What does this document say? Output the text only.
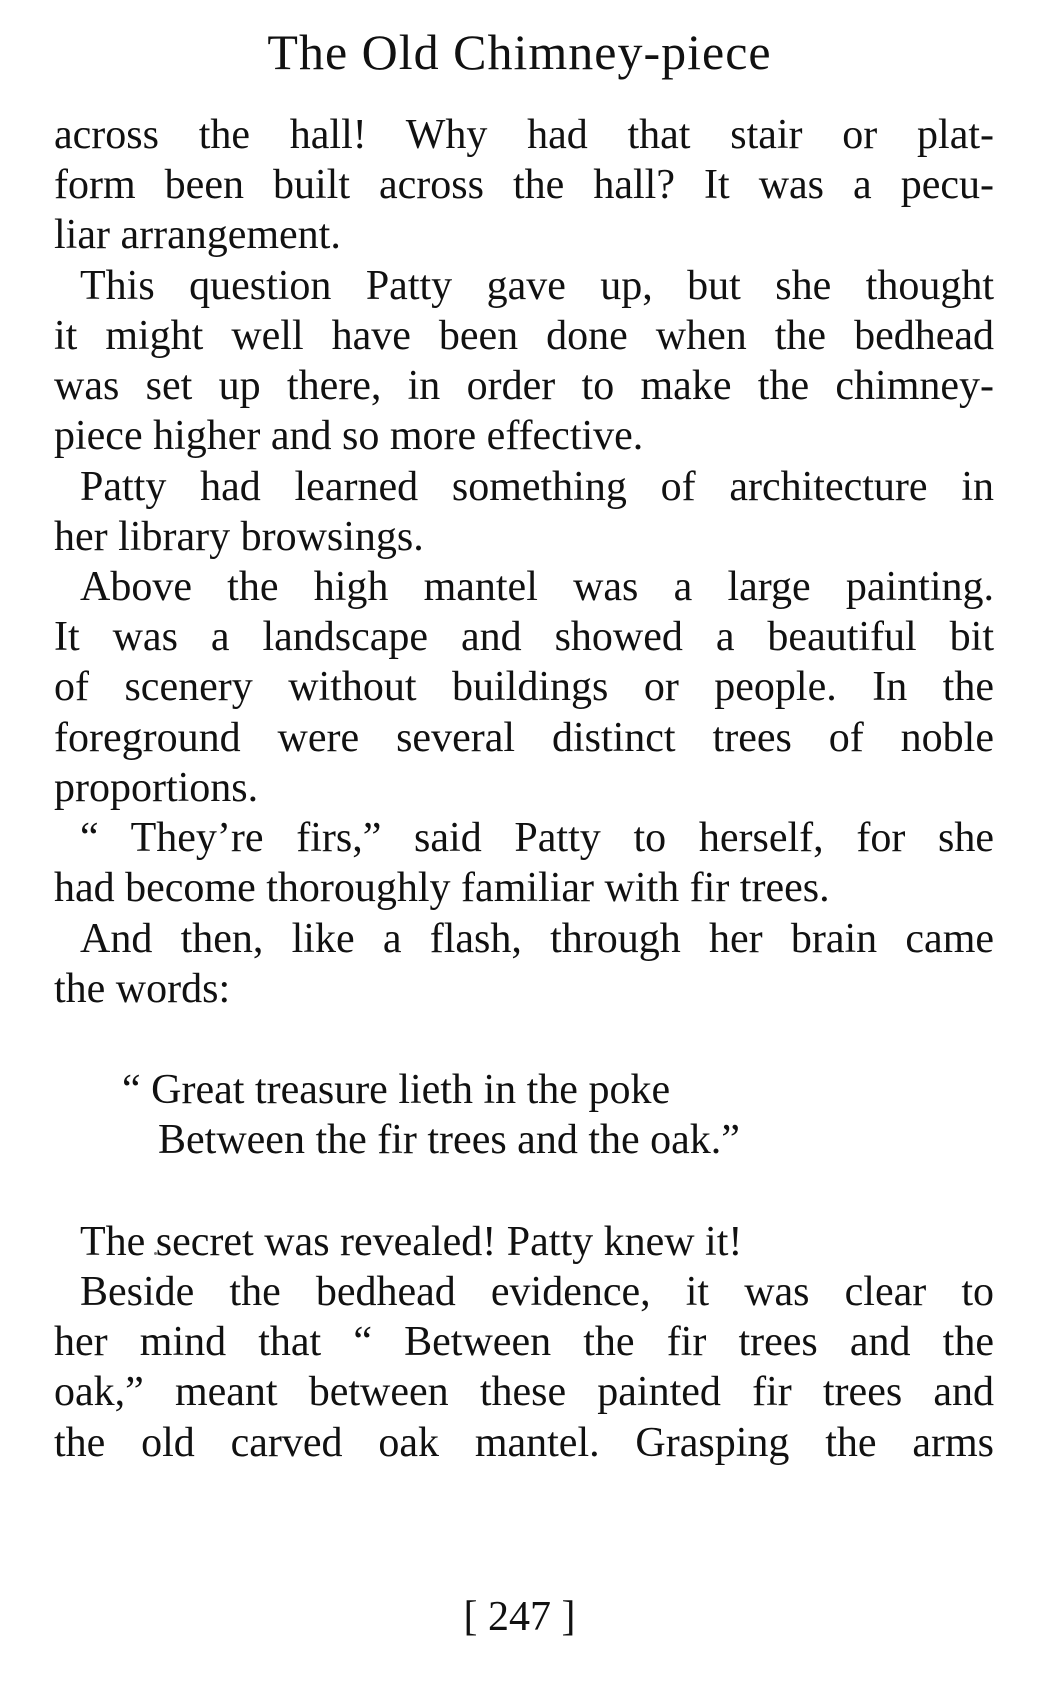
The Old Chimney-piece
across the hall! Why had that stair or plat-
form been built across the hall? It was a pecu-
liar arrangement.
This question Patty gave up, but she thought
it might well have been done when the bedhead
was set up there, in order to make the chimney-
piece higher and so more effective.
Patty had learned something of architecture in
her library browsings.
Above the high mantel was a large painting.
It was a landscape and showed a beautiful bit
of scenery without buildings or people. In the
foreground were several distinct trees of noble
proportions.
“ They’re firs,” said Patty to herself, for she
had become thoroughly familiar with fir trees.
And then, like a flash, through her brain came
the words:
“ Great treasure lieth in the poke
Between the fir trees and the oak.”
The secret was revealed! Patty knew it!
Beside the bedhead evidence, it was clear to
her mind that “ Between the fir trees and the
oak,” meant between these painted fir trees and
the old carved oak mantel. Grasping the arms
[ 247 ]
